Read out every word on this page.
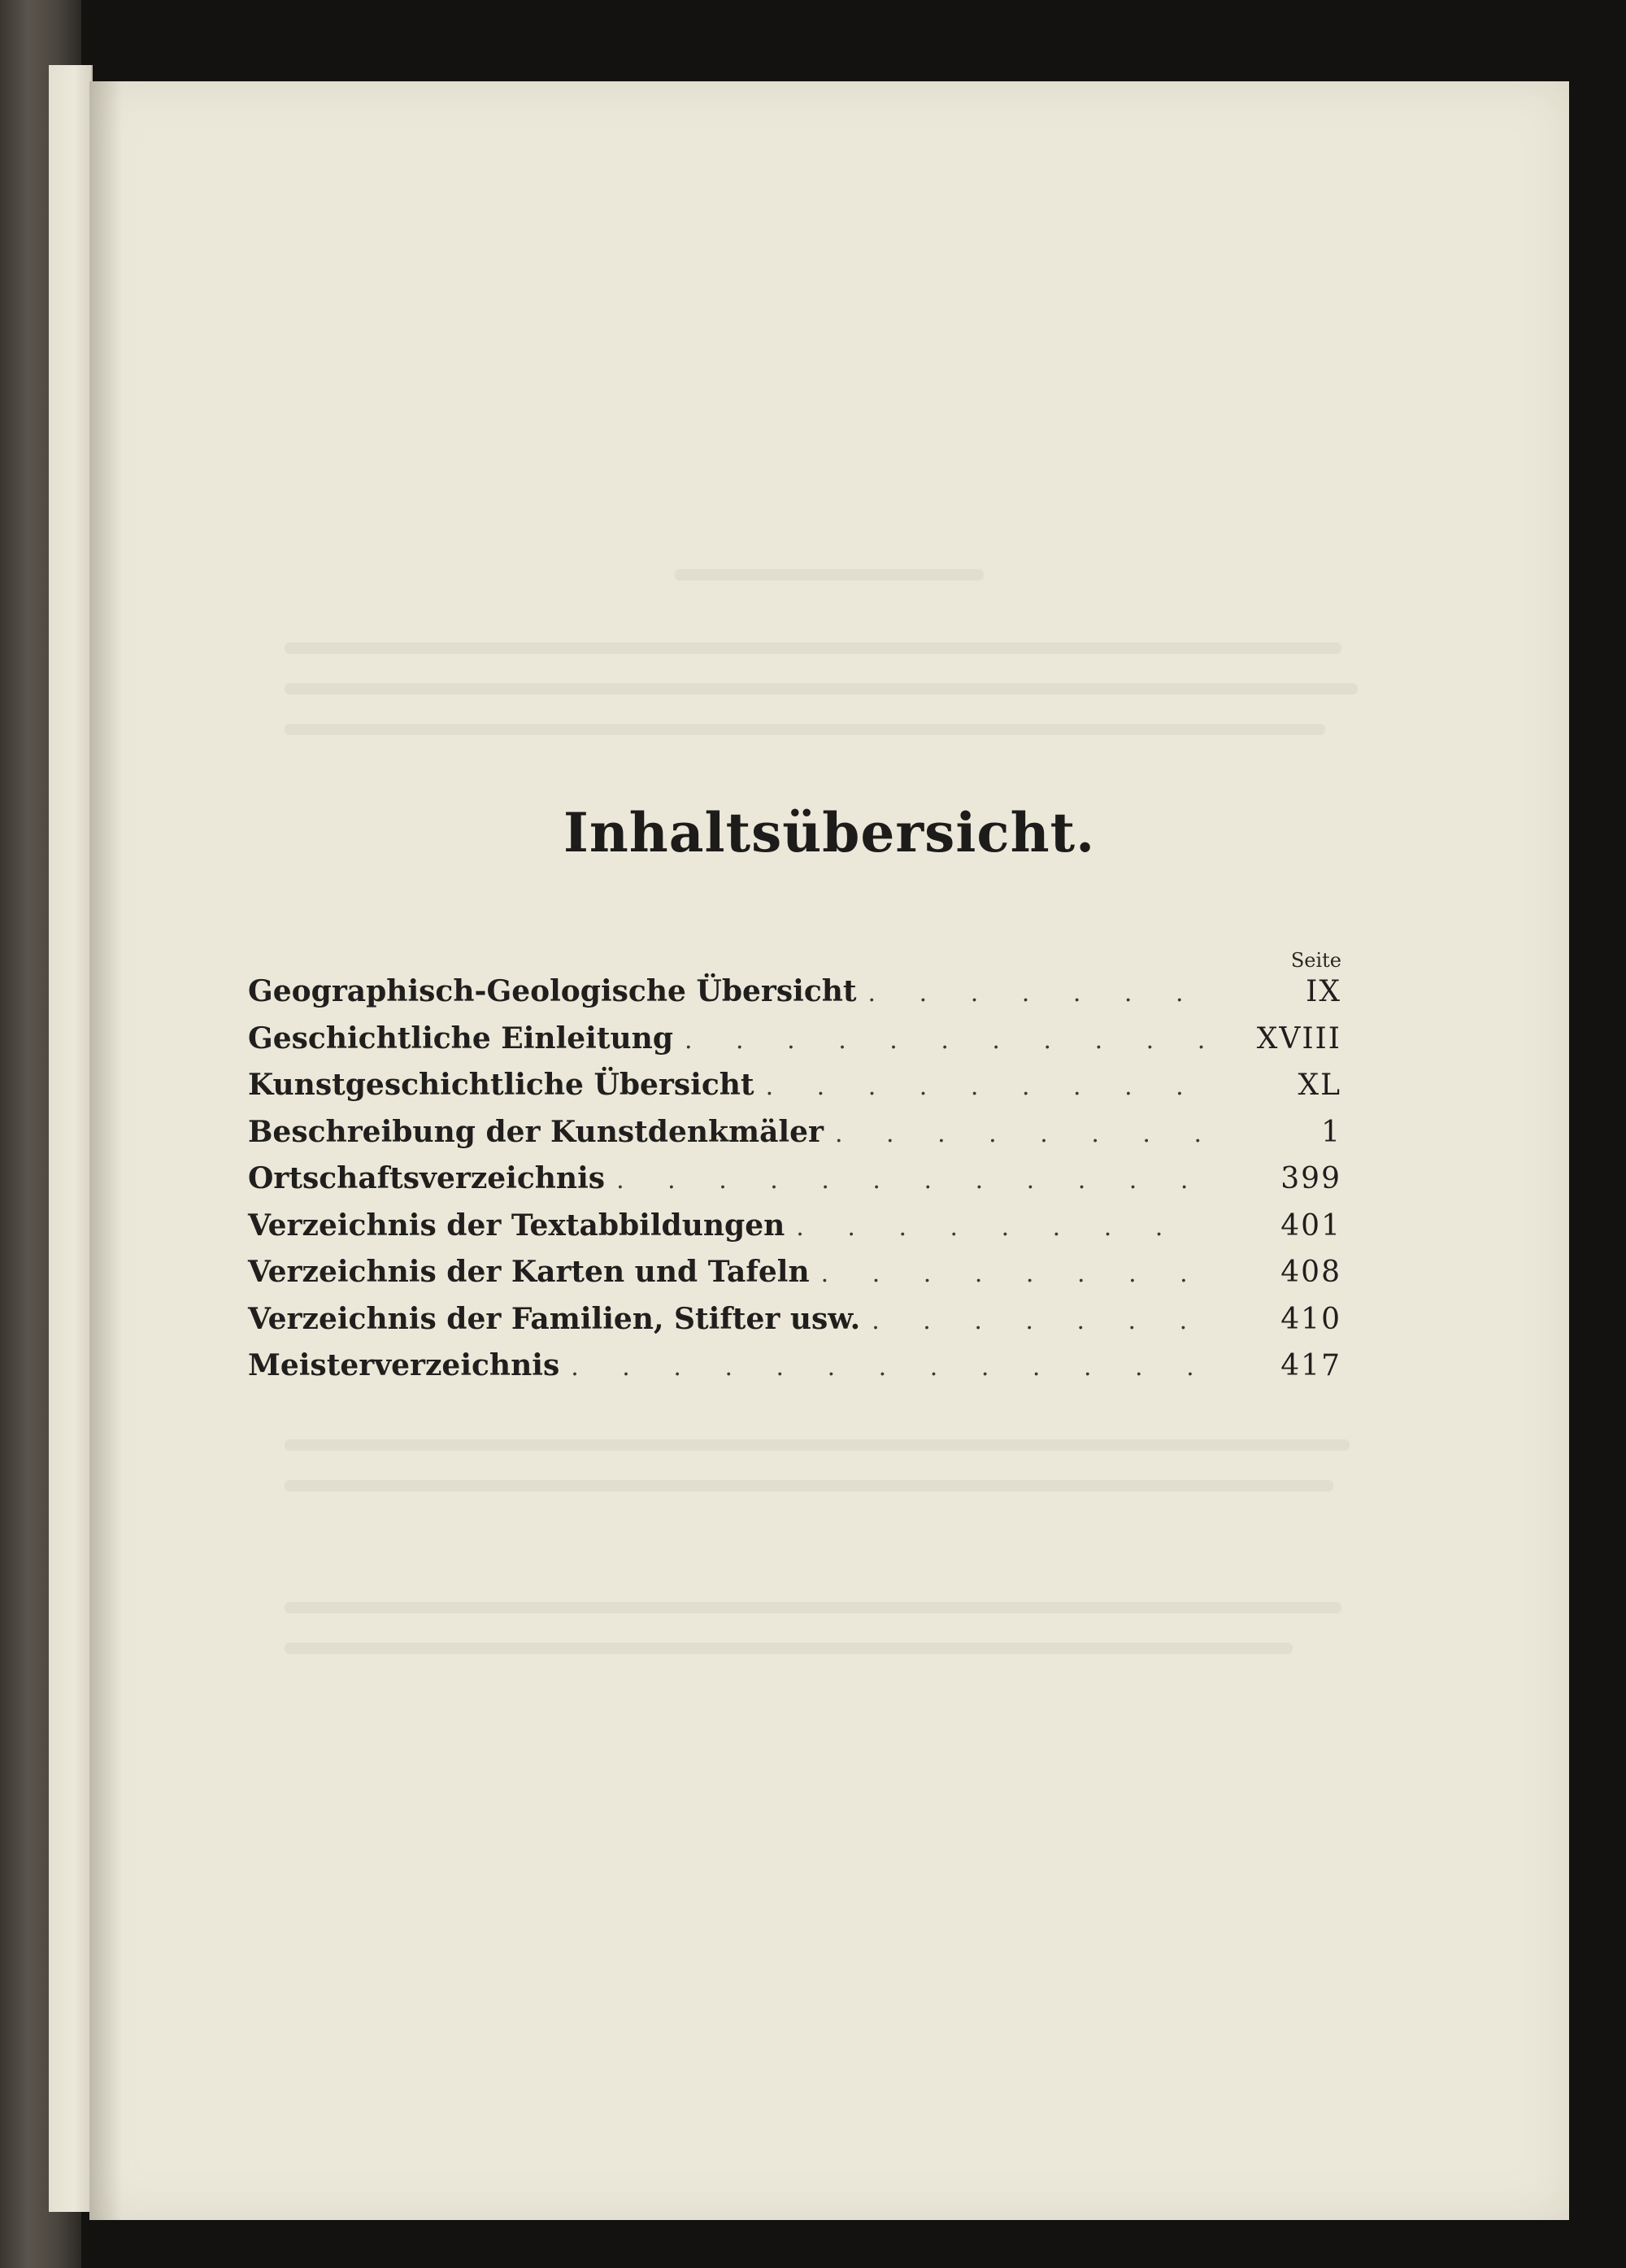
Inhaltsübersicht.
Seite
Geographisch-Geologische Übersicht . . .	IX
Geschichtliche Einleitung . . .	XVIII
Kunstgeschichtliche Übersicht . . .	XL
Beschreibung der Kunstdenkmäler . . .	1
Ortschaftsverzeichnis . . .	399
Verzeichnis der Textabbildungen . . .	401
Verzeichnis der Karten und Tafeln . . .	408
Verzeichnis der Familien, Stifter usw. . . .	410
Meisterverzeichnis . . .	417
